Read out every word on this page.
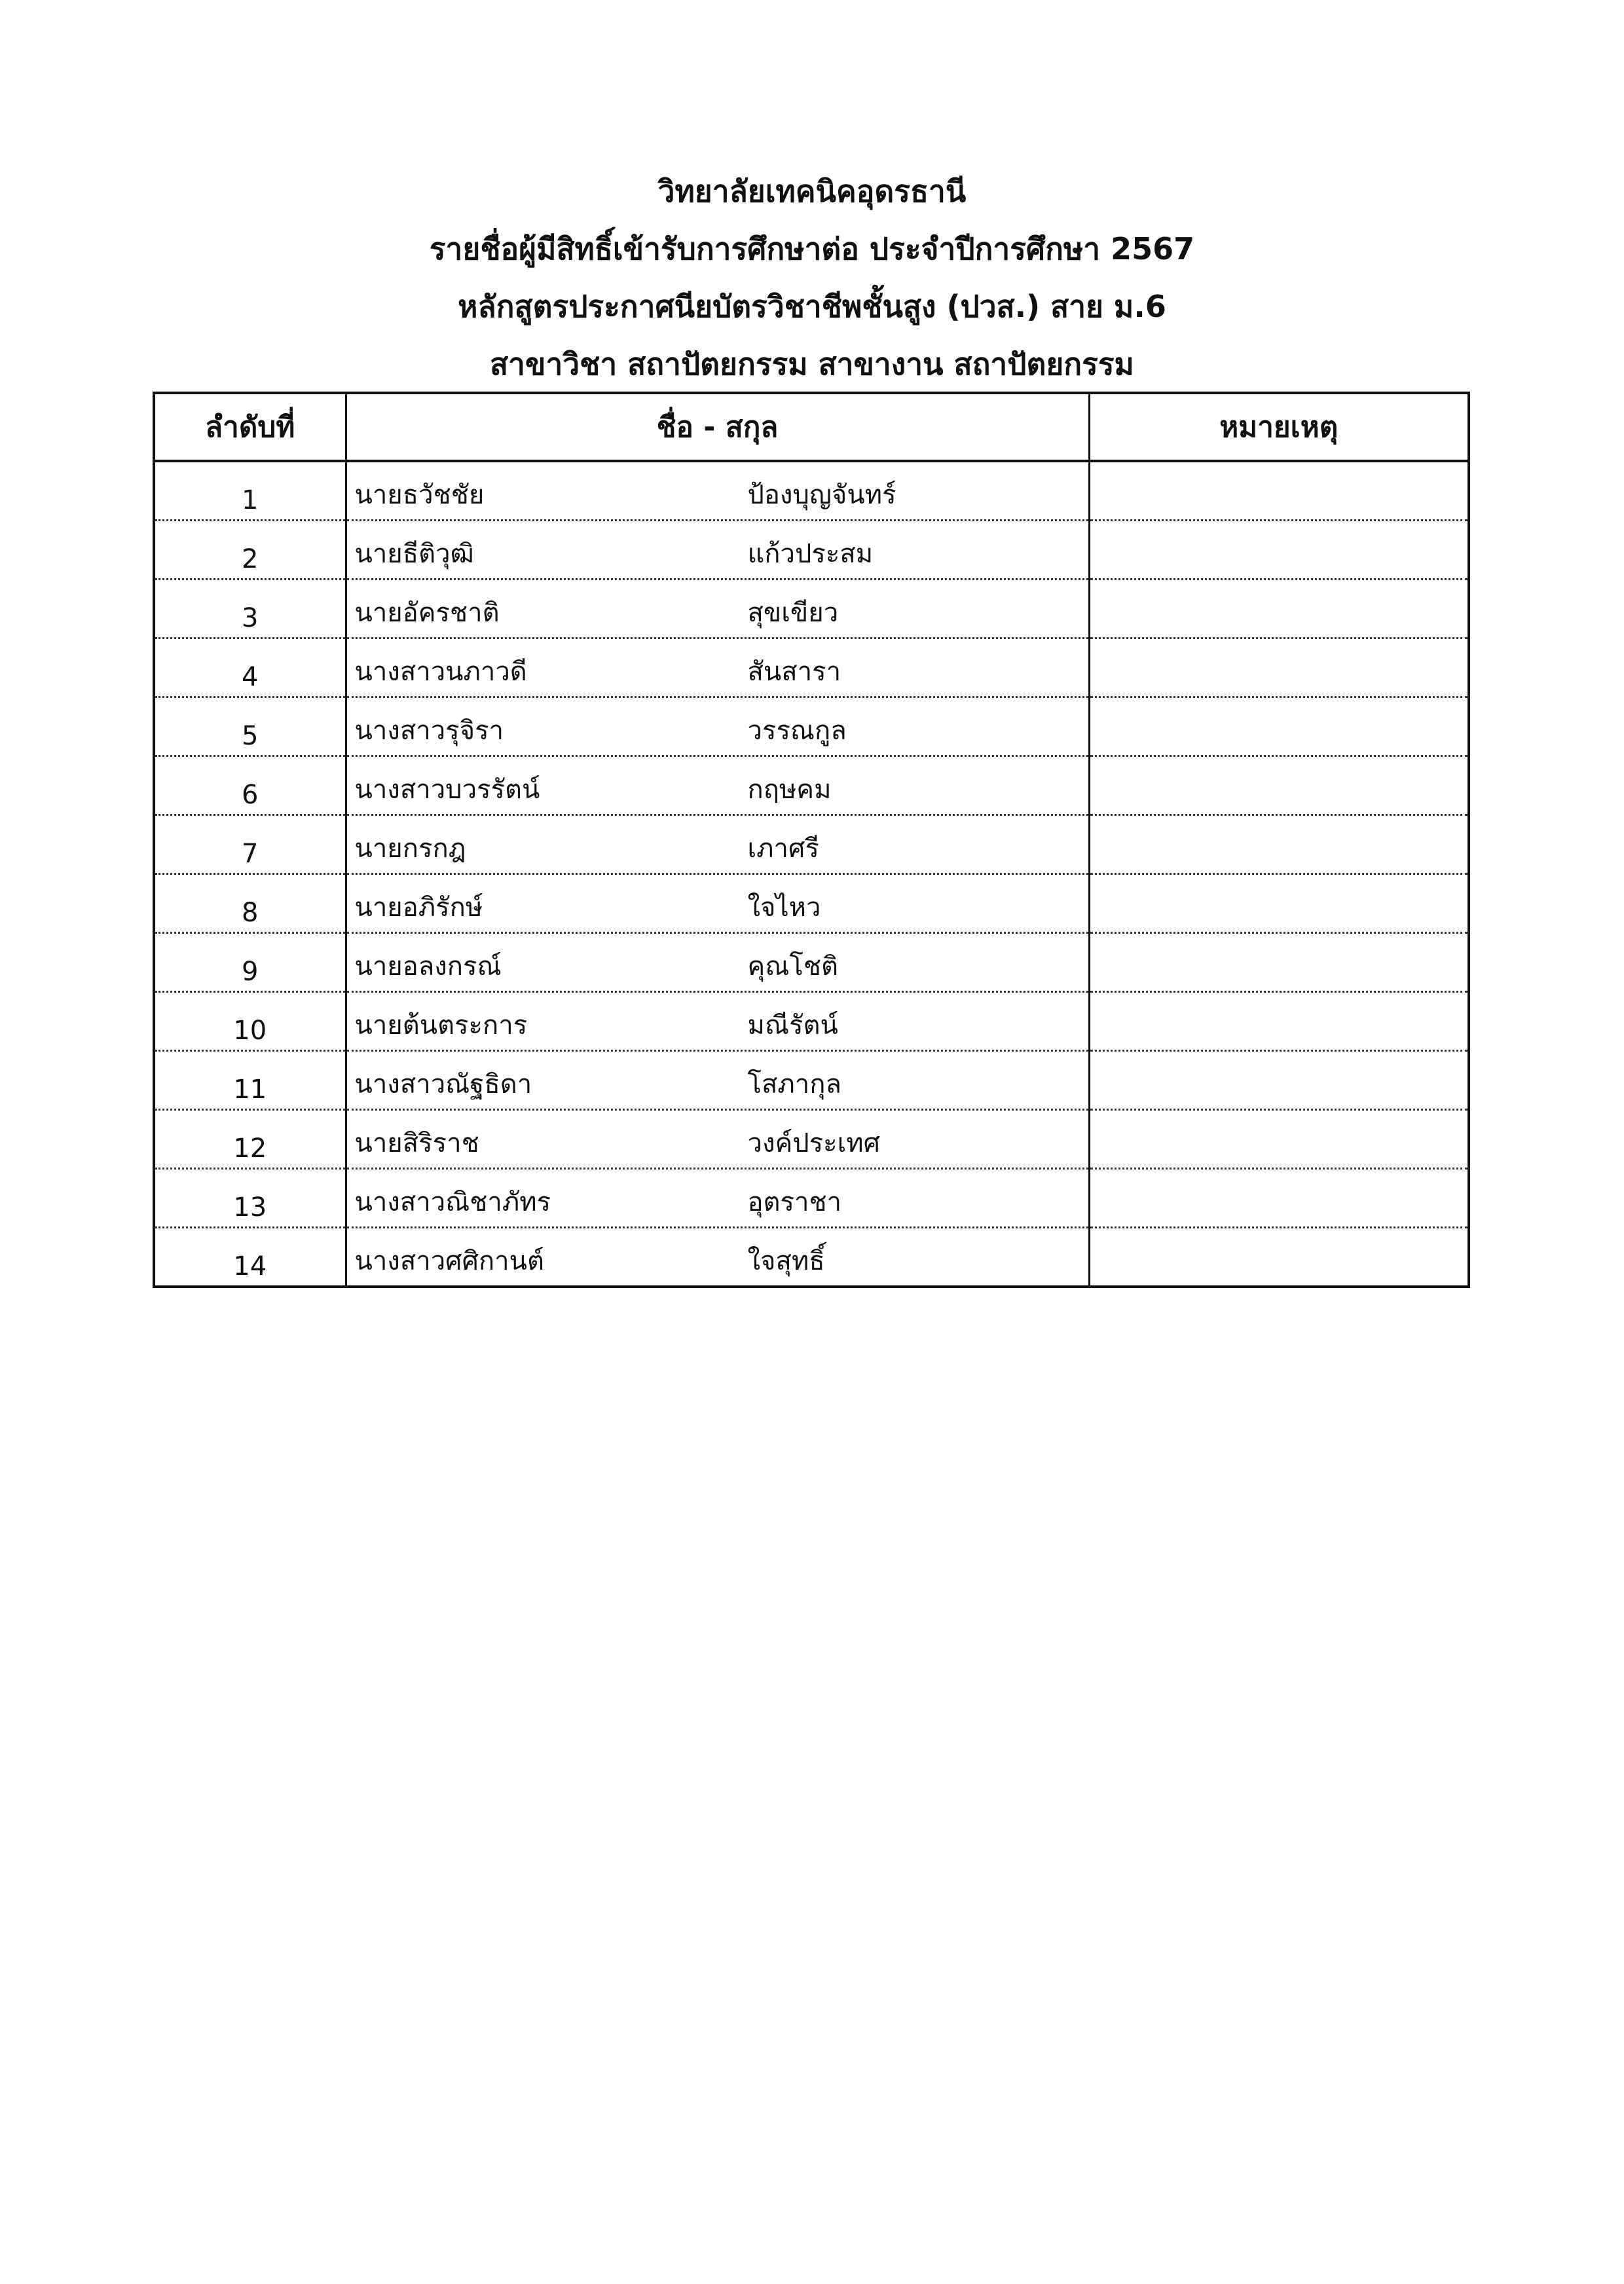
วิทยาลัยเทคนิคอุดรธานี
รายชื่อผู้มีสิทธิ์เข้ารับการศึกษาต่อ ประจำปีการศึกษา 2567
หลักสูตรประกาศนียบัตรวิชาชีพชั้นสูง (ปวส.) สาย ม.6
สาขาวิชา สถาปัตยกรรม สาขางาน สถาปัตยกรรม
ลำดับที่	ชื่อ - สกุล	หมายเหตุ
1	นายธวัชชัย ป้องบุญจันทร์	
2	นายธีติวุฒิ แก้วประสม	
3	นายอัครชาติ สุขเขียว	
4	นางสาวนภาวดี สันสารา	
5	นางสาวรุจิรา วรรณกูล	
6	นางสาวบวรรัตน์ กฤษคม	
7	นายกรกฎ เภาศรี	
8	นายอภิรักษ์ ใจไหว	
9	นายอลงกรณ์ คุณโชติ	
10	นายต้นตระการ มณีรัตน์	
11	นางสาวณัฐธิดา โสภากุล	
12	นายสิริราช วงค์ประเทศ	
13	นางสาวณิชาภัทร อุตราชา	
14	นางสาวศศิกานต์ ใจสุทธิ์	
